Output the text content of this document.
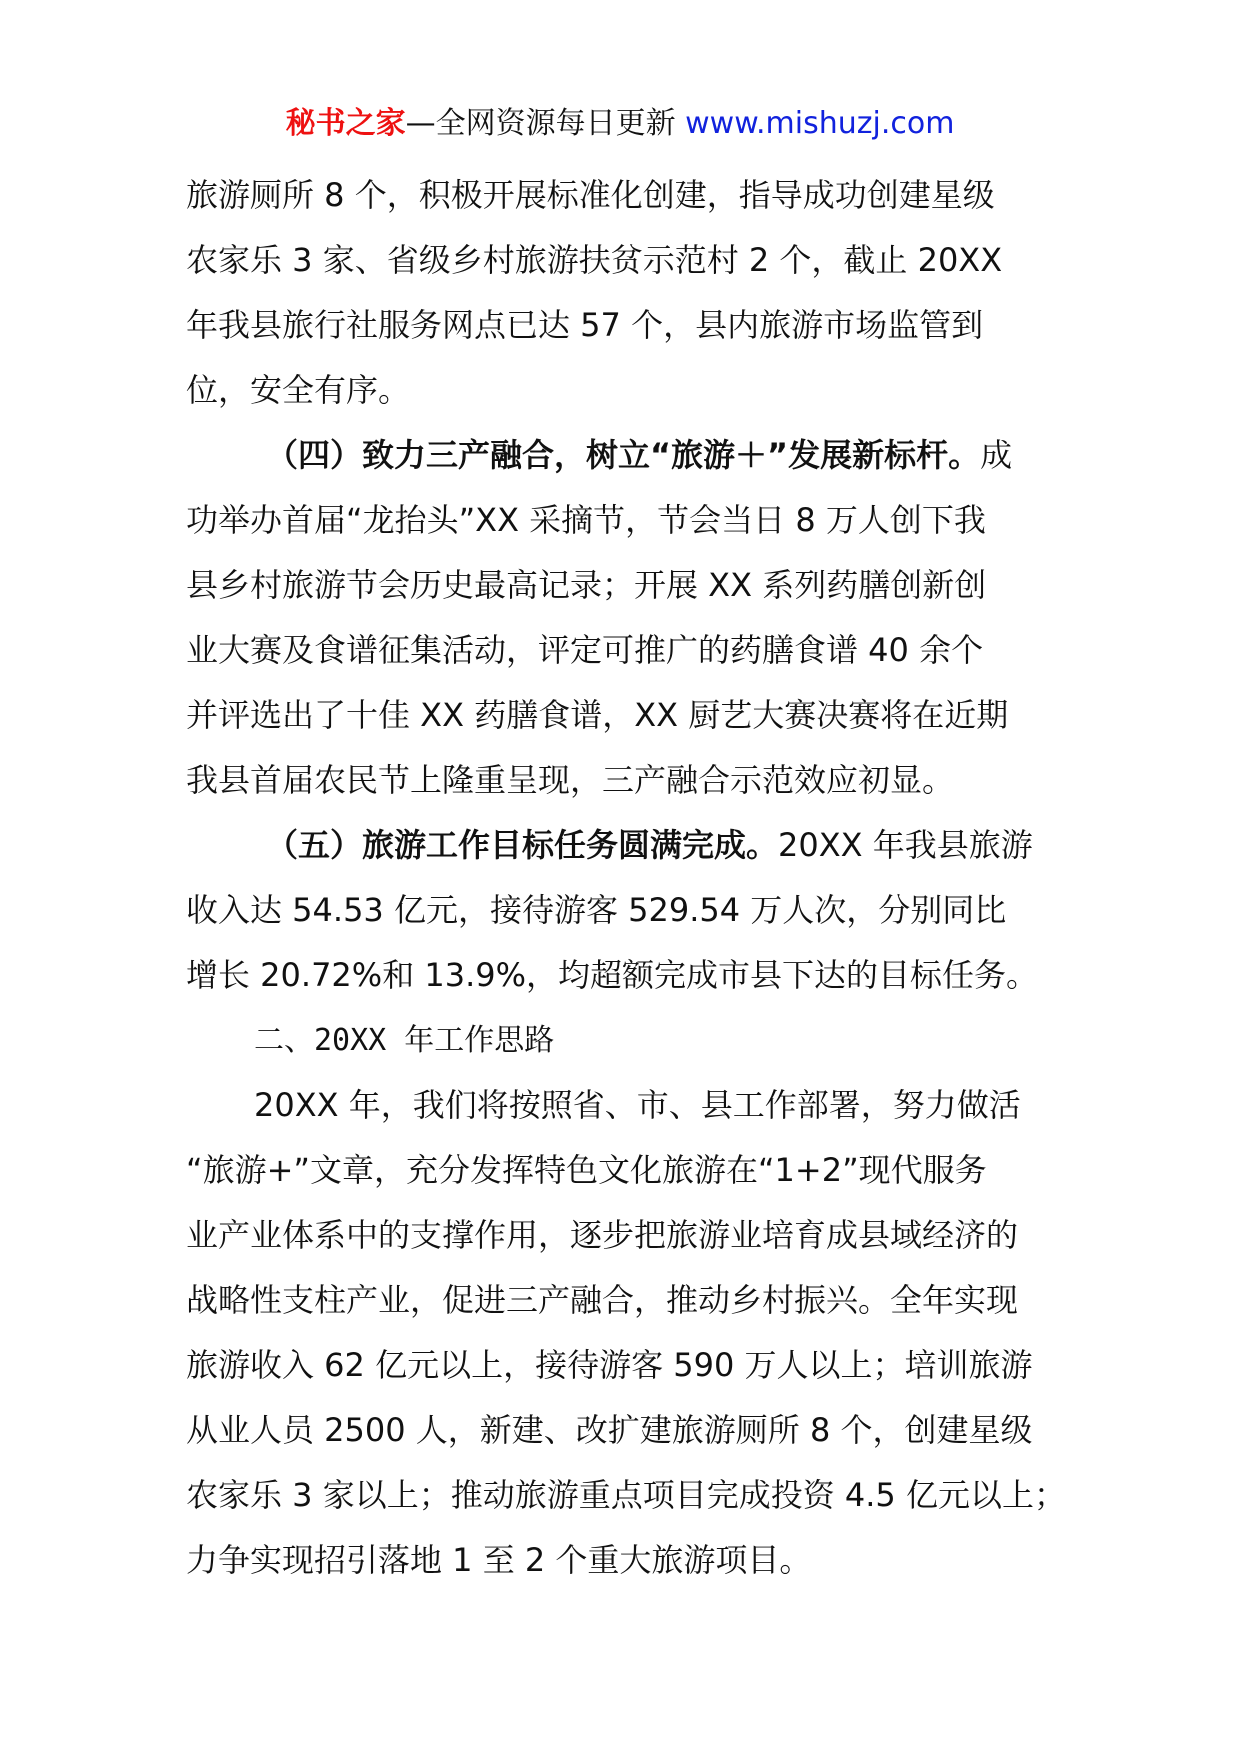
秘书之家—全网资源每日更新 www.mishuzj.com

旅游厕所 8 个，积极开展标准化创建，指导成功创建星级

农家乐 3 家、省级乡村旅游扶贫示范村 2 个，截止 20XX

年我县旅行社服务网点已达 57 个，县内旅游市场监管到

位，安全有序。

（四）致力三产融合，树立“旅游＋”发展新标杆。成

功举办首届“龙抬头”XX 采摘节，节会当日 8 万人创下我

县乡村旅游节会历史最高记录；开展 XX 系列药膳创新创

业大赛及食谱征集活动，评定可推广的药膳食谱 40 余个

并评选出了十佳 XX 药膳食谱，XX 厨艺大赛决赛将在近期

我县首届农民节上隆重呈现，三产融合示范效应初显。

（五）旅游工作目标任务圆满完成。20XX 年我县旅游

收入达 54.53 亿元，接待游客 529.54 万人次，分别同比

增长 20.72%和 13.9%，均超额完成市县下达的目标任务。

二、20XX 年工作思路

20XX 年，我们将按照省、市、县工作部署，努力做活

“旅游+”文章，充分发挥特色文化旅游在“1+2”现代服务

业产业体系中的支撑作用，逐步把旅游业培育成县域经济的

战略性支柱产业，促进三产融合，推动乡村振兴。全年实现

旅游收入 62 亿元以上，接待游客 590 万人以上；培训旅游

从业人员 2500 人，新建、改扩建旅游厕所 8 个，创建星级

农家乐 3 家以上；推动旅游重点项目完成投资 4.5 亿元以上；

力争实现招引落地 1 至 2 个重大旅游项目。
